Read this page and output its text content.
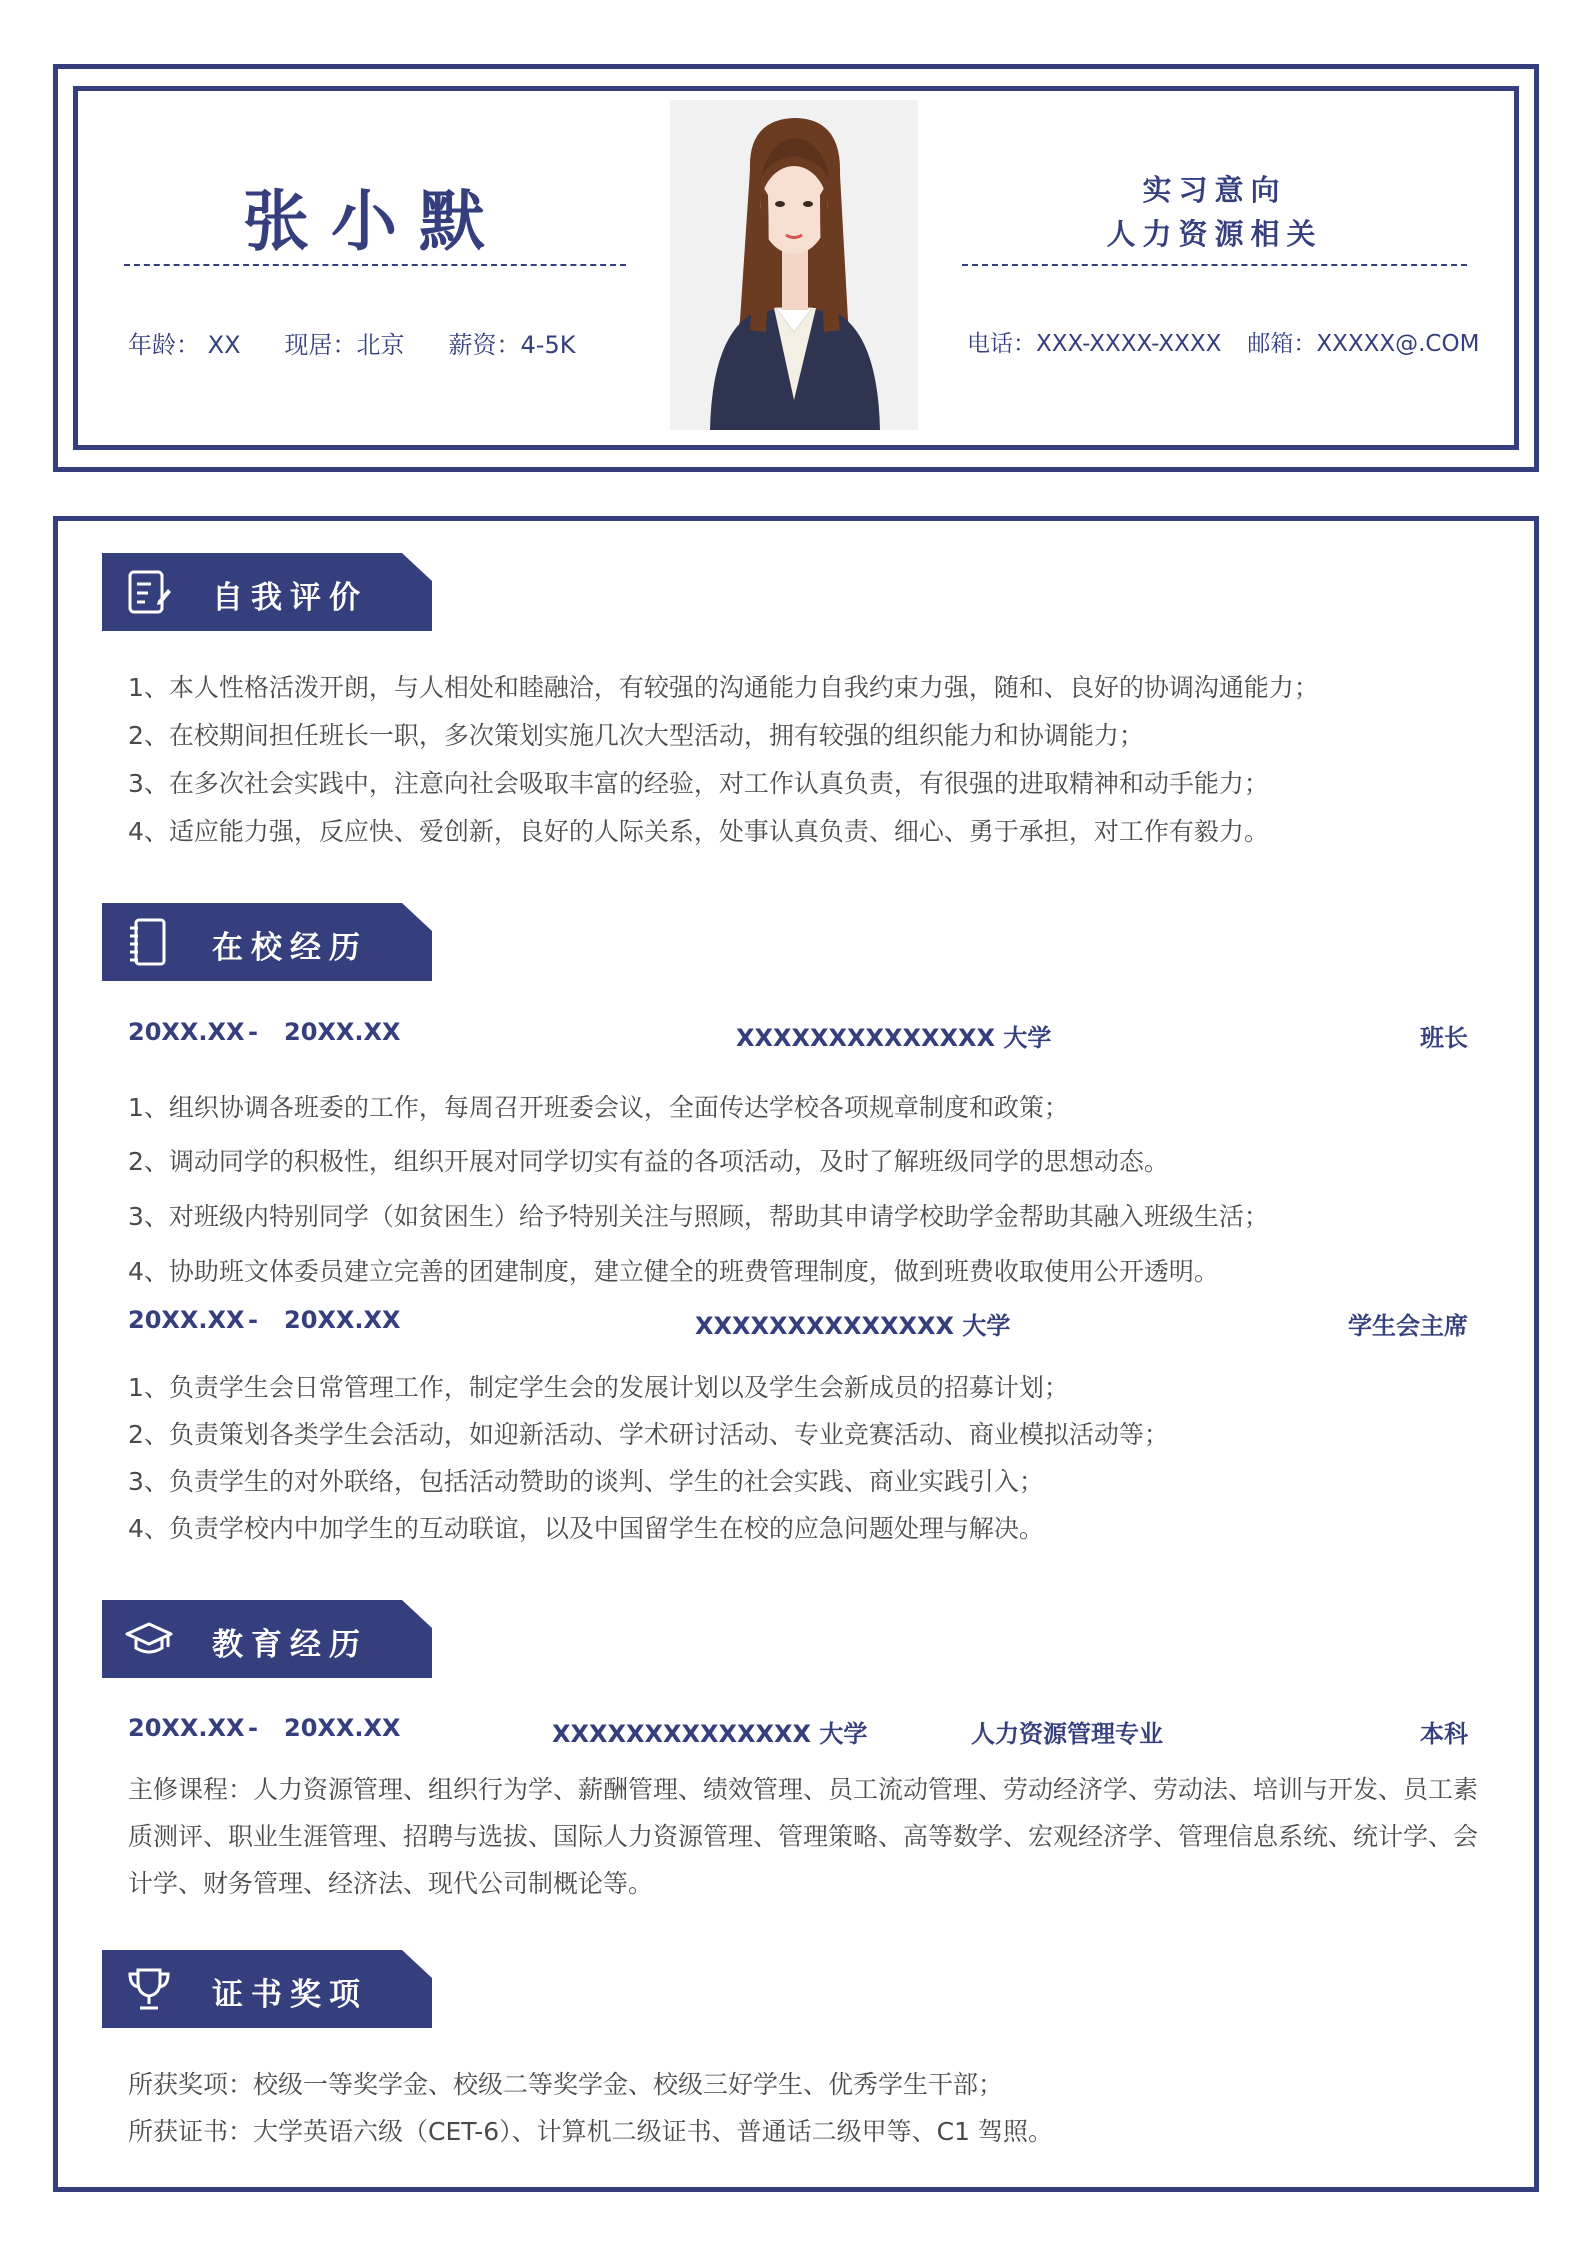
张小默
年龄： XX 现居：北京 薪资：4-5K
实习意向
人力资源相关
电话：XXX-XXXX-XXXX 邮箱：XXXXX@.COM
自我评价
1、本人性格活泼开朗，与人相处和睦融洽，有较强的沟通能力自我约束力强，随和、良好的协调沟通能力；
2、在校期间担任班长一职，多次策划实施几次大型活动，拥有较强的组织能力和协调能力；
3、在多次社会实践中，注意向社会吸取丰富的经验，对工作认真负责，有很强的进取精神和动手能力；
4、适应能力强，反应快、爱创新，良好的人际关系，处事认真负责、细心、勇于承担，对工作有毅力。
在校经历
20XX.XX - 20XX.XX	XXXXXXXXXXXXXX 大学	班长
1、组织协调各班委的工作，每周召开班委会议，全面传达学校各项规章制度和政策；
2、调动同学的积极性，组织开展对同学切实有益的各项活动，及时了解班级同学的思想动态。
3、对班级内特别同学（如贫困生）给予特别关注与照顾，帮助其申请学校助学金帮助其融入班级生活；
4、协助班文体委员建立完善的团建制度，建立健全的班费管理制度，做到班费收取使用公开透明。
20XX.XX - 20XX.XX	XXXXXXXXXXXXXX 大学	学生会主席
1、负责学生会日常管理工作，制定学生会的发展计划以及学生会新成员的招募计划；
2、负责策划各类学生会活动，如迎新活动、学术研讨活动、专业竞赛活动、商业模拟活动等；
3、负责学生的对外联络，包括活动赞助的谈判、学生的社会实践、商业实践引入；
4、负责学校内中加学生的互动联谊，以及中国留学生在校的应急问题处理与解决。
教育经历
20XX.XX - 20XX.XX	XXXXXXXXXXXXXX 大学	人力资源管理专业	本科
主修课程：人力资源管理、组织行为学、薪酬管理、绩效管理、员工流动管理、劳动经济学、劳动法、培训与开发、员工素质测评、职业生涯管理、招聘与选拔、国际人力资源管理、管理策略、高等数学、宏观经济学、管理信息系统、统计学、会计学、财务管理、经济法、现代公司制概论等。
证书奖项
所获奖项：校级一等奖学金、校级二等奖学金、校级三好学生、优秀学生干部；
所获证书：大学英语六级（CET-6）、计算机二级证书、普通话二级甲等、C1 驾照。
